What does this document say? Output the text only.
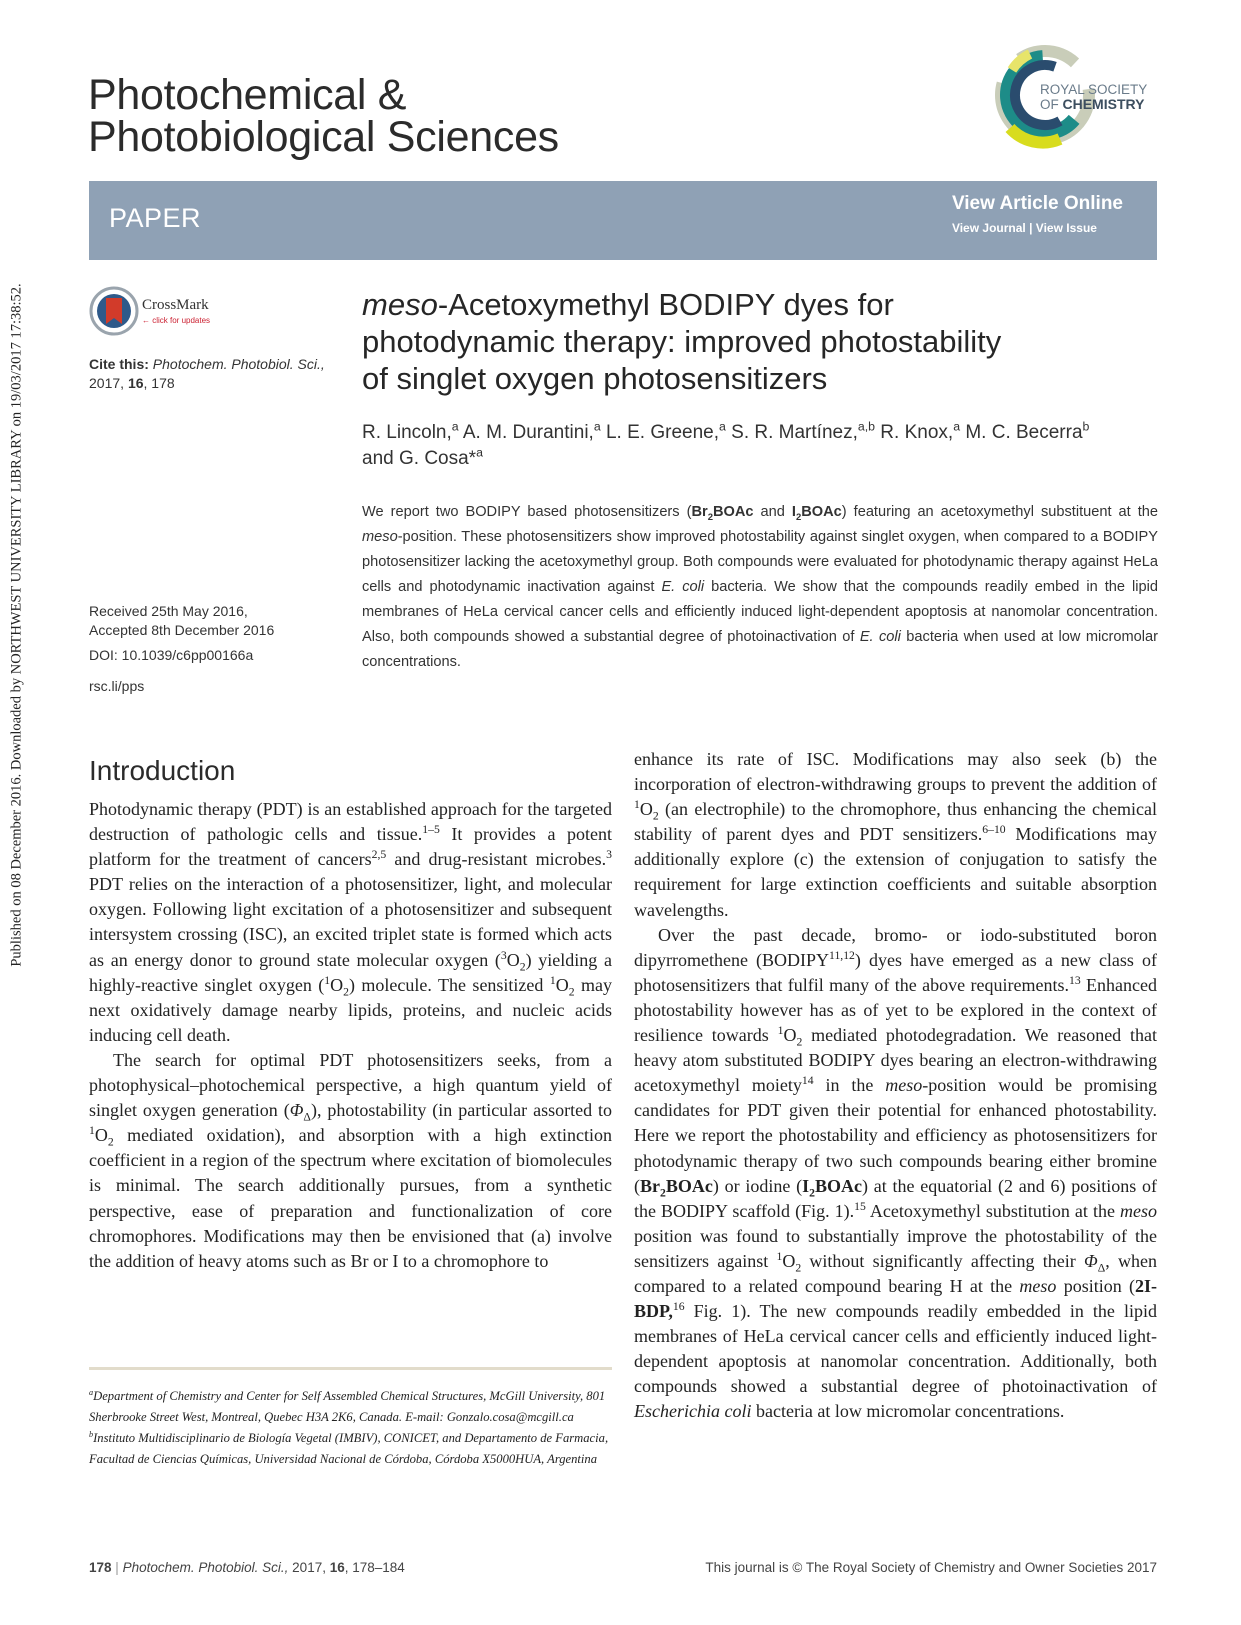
Published on 08 December 2016. Downloaded by NORTHWEST UNIVERSITY LIBRARY on 19/03/2017 17:38:52.
Photochemical &
Photobiological Sciences
ROYAL SOCIETY
OF CHEMISTRY
PAPER	View Article Online
View Journal | View Issue
CrossMark
← click for updates
Cite this: Photochem. Photobiol. Sci.,
2017, 16, 178
Received 25th May 2016,
Accepted 8th December 2016
DOI: 10.1039/c6pp00166a
rsc.li/pps
meso-Acetoxymethyl BODIPY dyes for
photodynamic therapy: improved photostability
of singlet oxygen photosensitizers
R. Lincoln,$^a$ A. M. Durantini,$^a$ L. E. Greene,$^a$ S. R. Martínez,$^{a,b}$ R. Knox,$^a$ M. C. Becerra$^b$
and G. Cosa*$^a$
We report two BODIPY based photosensitizers ($Br_2BOAc$ and $I_2BOAc$) featuring an acetoxymethyl substituent at the meso-position. These photosensitizers show improved photostability against singlet oxygen, when compared to a BODIPY photosensitizer lacking the acetoxymethyl group. Both compounds were evaluated for photodynamic therapy against HeLa cells and photodynamic inactivation against E. coli bacteria. We show that the compounds readily embed in the lipid membranes of HeLa cervical cancer cells and efficiently induced light-dependent apoptosis at nanomolar concentration. Also, both compounds showed a substantial degree of photoinactivation of E. coli bacteria when used at low micromolar concentrations.
Introduction

Photodynamic therapy (PDT) is an established approach for the targeted destruction of pathologic cells and tissue.$^{1-5}$ It provides a potent platform for the treatment of cancers$^{2,5}$ and drug-resistant microbes.$^3$ PDT relies on the interaction of a photosensitizer, light, and molecular oxygen. Following light excitation of a photosensitizer and subsequent intersystem crossing (ISC), an excited triplet state is formed which acts as an energy donor to ground state molecular oxygen $(^3O_2)$ yielding a highly-reactive singlet oxygen $(^1O_2)$ molecule. The sensitized $^1O_2$ may next oxidatively damage nearby lipids, proteins, and nucleic acids inducing cell death.

The search for optimal PDT photosensitizers seeks, from a photophysical–photochemical perspective, a high quantum yield of singlet oxygen generation $(\Phi_\Delta)$, photostability (in particular assorted to $^1O_2$ mediated oxidation), and absorption with a high extinction coefficient in a region of the spectrum where excitation of biomolecules is minimal. The search additionally pursues, from a synthetic perspective, ease of preparation and functionalization of core chromophores. Modifications may then be envisioned that (a) involve the addition of heavy atoms such as Br or I to a chromophore to

$^a$Department of Chemistry and Center for Self Assembled Chemical Structures, McGill University, 801 Sherbrooke Street West, Montreal, Quebec H3A 2K6, Canada. E-mail: Gonzalo.cosa@mcgill.ca
$^b$Instituto Multidisciplinario de Biología Vegetal (IMBIV), CONICET, and Departamento de Farmacia, Facultad de Ciencias Químicas, Universidad Nacional de Córdoba, Córdoba X5000HUA, Argentina

enhance its rate of ISC. Modifications may also seek (b) the incorporation of electron-withdrawing groups to prevent the addition of $^1O_2$ (an electrophile) to the chromophore, thus enhancing the chemical stability of parent dyes and PDT sensitizers.$^{6-10}$ Modifications may additionally explore (c) the extension of conjugation to satisfy the requirement for large extinction coefficients and suitable absorption wavelengths.

Over the past decade, bromo- or iodo-substituted boron dipyrromethene (BODIPY$^{11,12}$) dyes have emerged as a new class of photosensitizers that fulfil many of the above requirements.$^{13}$ Enhanced photostability however has as of yet to be explored in the context of resilience towards $^1O_2$ mediated photodegradation. We reasoned that heavy atom substituted BODIPY dyes bearing an electron-withdrawing acetoxymethyl moiety$^{14}$ in the meso-position would be promising candidates for PDT given their potential for enhanced photostability. Here we report the photostability and efficiency as photosensitizers for photodynamic therapy of two such compounds bearing either bromine $(Br_2BOAc)$ or iodine $(I_2BOAc)$ at the equatorial (2 and 6) positions of the BODIPY scaffold (Fig. 1).$^{15}$ Acetoxymethyl substitution at the meso position was found to substantially improve the photostability of the sensitizers against $^1O_2$ without significantly affecting their $\Phi_\Delta$, when compared to a related compound bearing H at the meso position (2I-BDP,$^{16}$ Fig. 1). The new compounds readily embedded in the lipid membranes of HeLa cervical cancer cells and efficiently induced light-dependent apoptosis at nanomolar concentration. Additionally, both compounds showed a substantial degree of photoinactivation of Escherichia coli bacteria at low micromolar concentrations.

178 | Photochem. Photobiol. Sci., 2017, 16, 178–184	This journal is © The Royal Society of Chemistry and Owner Societies 2017
